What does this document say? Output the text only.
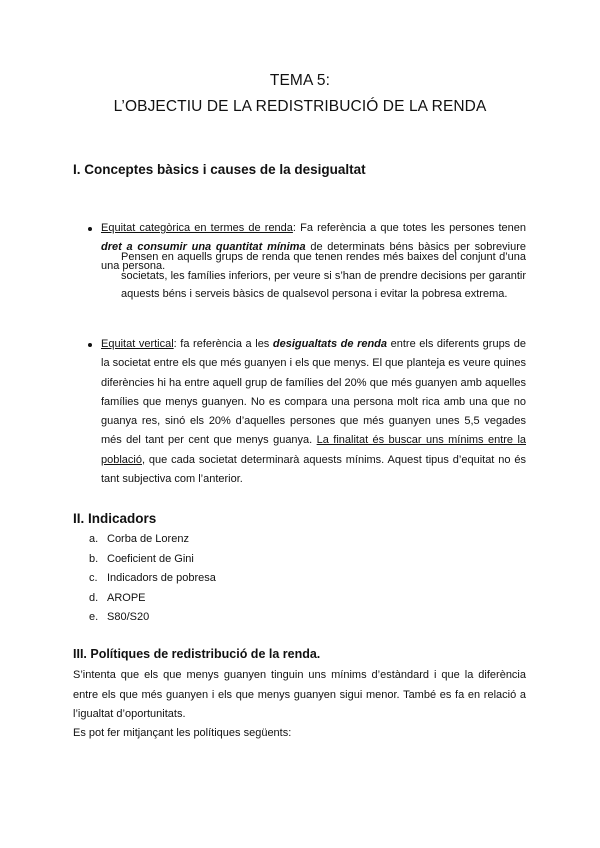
TEMA 5:
L’OBJECTIU DE LA REDISTRIBUCIÓ DE LA RENDA
I. Conceptes bàsics i causes de la desigualtat

Equitat categòrica en termes de renda: Fa referència a que totes les persones tenen dret a consumir una quantitat mínima de determinats béns bàsics per sobreviure una persona.

Pensen en aquells grups de renda que tenen rendes més baixes del conjunt d’una societats, les famílies inferiors, per veure si s’han de prendre decisions per garantir aquests béns i serveis bàsics de qualsevol persona i evitar la pobresa extrema.

Equitat vertical: fa referència a les desigualtats de renda entre els diferents grups de la societat entre els que més guanyen i els que menys. El que planteja es veure quines diferències hi ha entre aquell grup de famílies del 20% que més guanyen amb aquelles famílies que menys guanyen. No es compara una persona molt rica amb una que no guanya res, sinó els 20% d’aquelles persones que més guanyen unes 5,5 vegades més del tant per cent que menys guanya. La finalitat és buscar uns mínims entre la població, que cada societat determinarà aquests mínims. Aquest tipus d’equitat no és tant subjectiva com l’anterior.

II. Indicadors
a. Corba de Lorenz
b. Coeficient de Gini
c. Indicadors de pobresa
d. AROPE
e. S80/S20
III. Polítiques de redistribució de la renda.

S’intenta que els que menys guanyen tinguin uns mínims d’estàndard i que la diferència entre els que més guanyen i els que menys guanyen sigui menor. També es fa en relació a l’igualtat d’oportunitats.

Es pot fer mitjançant les polítiques següents:
